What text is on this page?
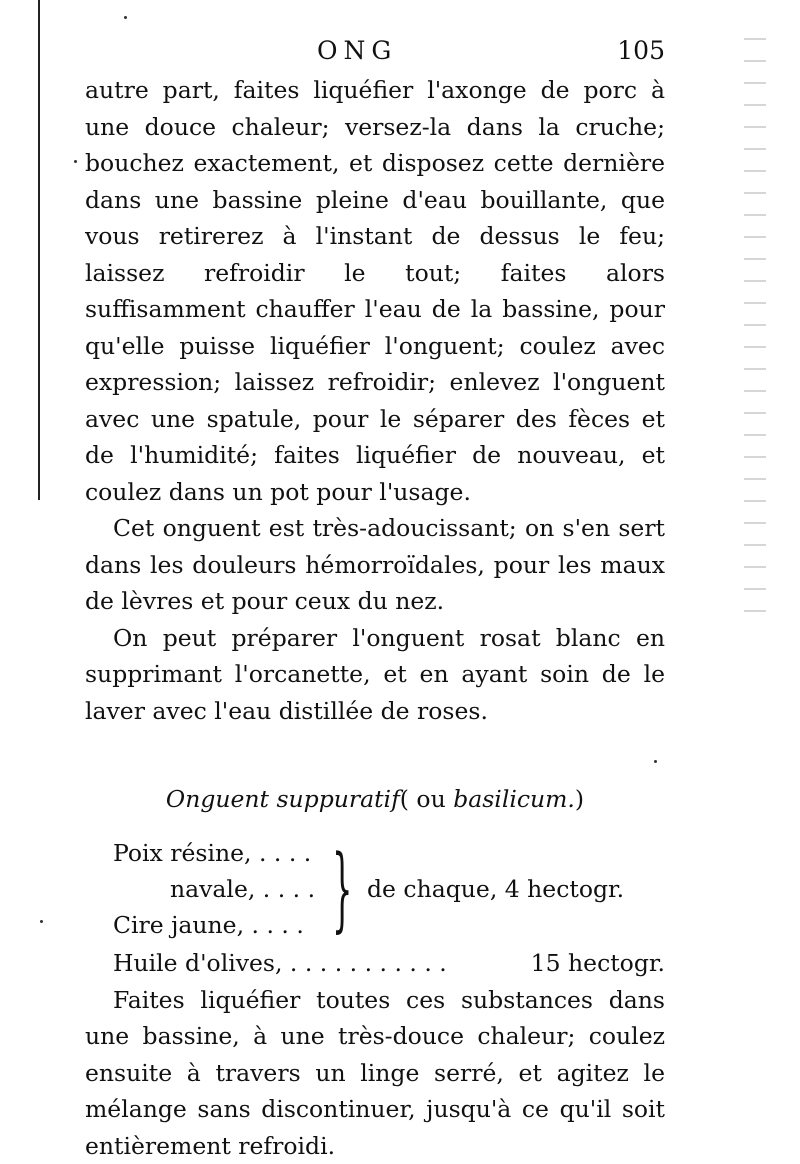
ONG	105

autre part, faites liquéfier l'axonge de porc à une douce chaleur; versez-la dans la cruche; bouchez exactement, et disposez cette dernière dans une bassine pleine d'eau bouillante, que vous retirerez à l'instant de dessus le feu; laissez refroidir le tout; faites alors suffisamment chauffer l'eau de la bassine, pour qu'elle puisse liquéfier l'onguent; coulez avec expression; laissez refroidir; enlevez l'onguent avec une spatule, pour le séparer des fèces et de l'humidité; faites liquéfier de nouveau, et coulez dans un pot pour l'usage.

Cet onguent est très-adoucissant; on s'en sert dans les douleurs hémorroïdales, pour les maux de lèvres et pour ceux du nez.

On peut préparer l'onguent rosat blanc en supprimant l'orcanette, et en ayant soin de le laver avec l'eau distillée de roses.

Onguent suppuratif( ou basilicum.)
Poix résine, . . . .
navale, . . . .
Cire jaune, . . . . } de chaque, 4 hectogr.
Huile d'olives, . . . . . . . . . . .	15 hectogr.

Faites liquéfier toutes ces substances dans une bassine, à une très-douce chaleur; coulez ensuite à travers un linge serré, et agitez le mélange sans discontinuer, jusqu'à ce qu'il soit entièrement refroidi.
